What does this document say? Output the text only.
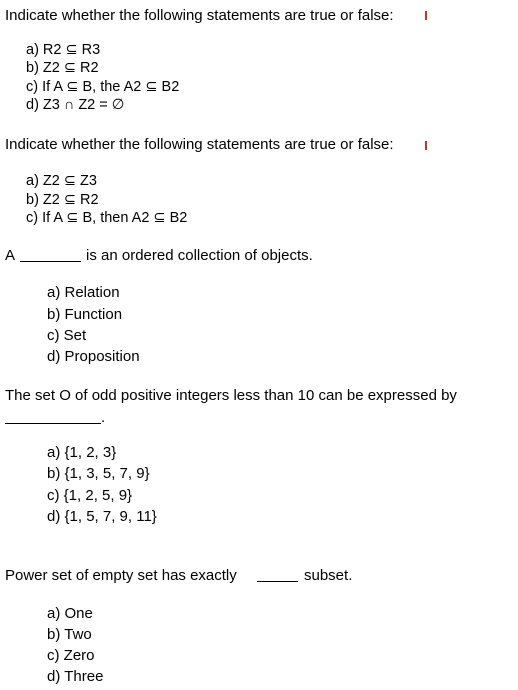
Indicate whether the following statements are true or false:
a) R2 ⊆ R3
b) Z2 ⊆ R2
c) If A ⊆ B, the A2 ⊆ B2
d) Z3 ∩ Z2 = ∅
Indicate whether the following statements are true or false:
a) Z2 ⊆ Z3
b) Z2 ⊆ R2
c) If A ⊆ B, then A2 ⊆ B2
A	is an ordered collection of objects.
a) Relation
b) Function
c) Set
d) Proposition
The set O of odd positive integers less than 10 can be expressed by
.
a) {1, 2, 3}
b) {1, 3, 5, 7, 9}
c) {1, 2, 5, 9}
d) {1, 5, 7, 9, 11}
Power set of empty set has exactly	subset.
a) One
b) Two
c) Zero
d) Three
